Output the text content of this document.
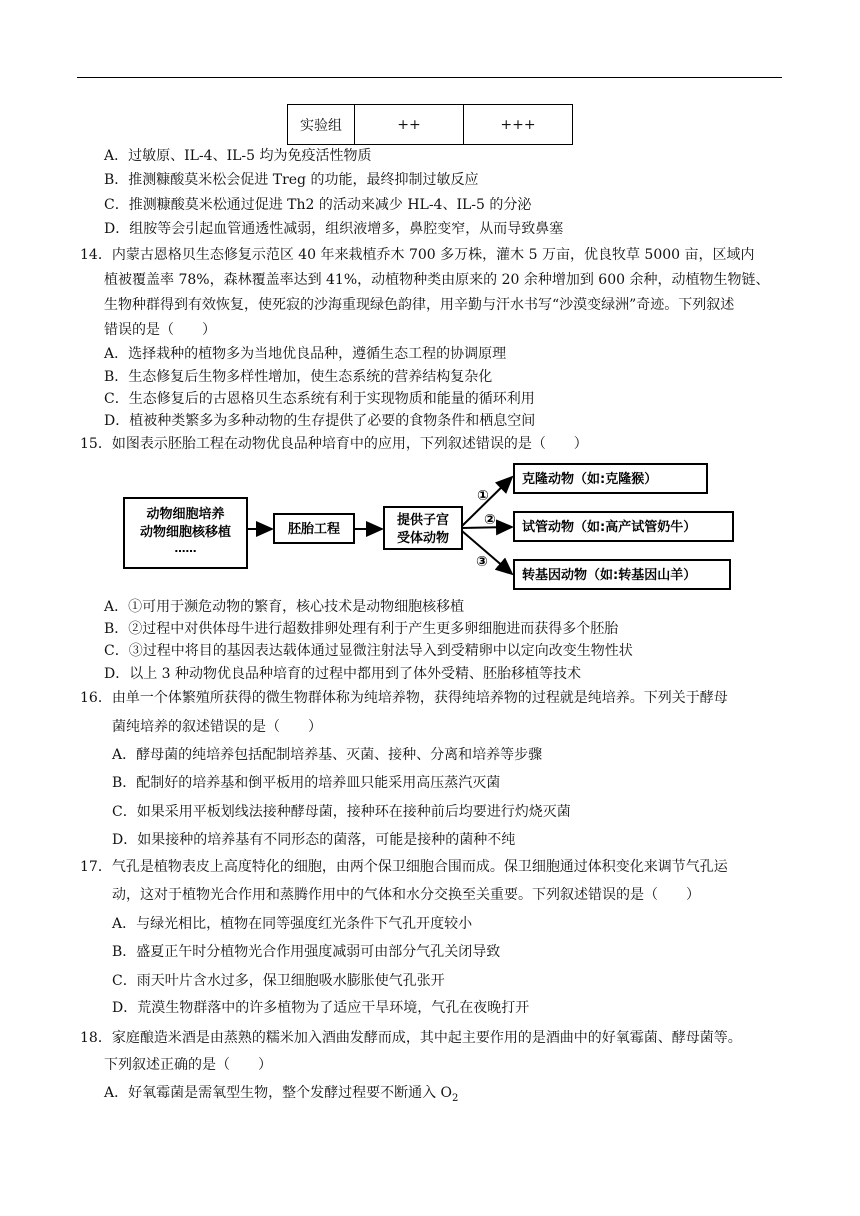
实验组	++	+++
A．过敏原、IL-4、IL-5 均为免疫活性物质
B．推测糠酸莫米松会促进 Treg 的功能，最终抑制过敏反应
C．推测糠酸莫米松通过促进 Th2 的活动来减少 HL-4、IL-5 的分泌
D．组胺等会引起血管通透性减弱，组织液增多，鼻腔变窄，从而导致鼻塞
14．内蒙古恩格贝生态修复示范区 40 年来栽植乔木 700 多万株，灌木 5 万亩，优良牧草 5000 亩，区域内
植被覆盖率 78%，森林覆盖率达到 41%，动植物种类由原来的 20 余种增加到 600 余种，动植物生物链、
生物种群得到有效恢复，使死寂的沙海重现绿色韵律，用辛勤与汗水书写“沙漠变绿洲”奇迹。下列叙述
错误的是（　　）
A．选择栽种的植物多为当地优良品种，遵循生态工程的协调原理
B．生态修复后生物多样性增加，使生态系统的营养结构复杂化
C．生态修复后的古恩格贝生态系统有利于实现物质和能量的循环利用
D．植被种类繁多为多种动物的生存提供了必要的食物条件和栖息空间
15．如图表示胚胎工程在动物优良品种培育中的应用，下列叙述错误的是（　　）
动物细胞培养
动物细胞核移植
……
胚胎工程
提供子宫
受体动物
①
②
③
克隆动物（如:克隆猴）
试管动物（如:高产试管奶牛）
转基因动物（如:转基因山羊）
A．①可用于濒危动物的繁育，核心技术是动物细胞核移植
B．②过程中对供体母牛进行超数排卵处理有利于产生更多卵细胞进而获得多个胚胎
C．③过程中将目的基因表达载体通过显微注射法导入到受精卵中以定向改变生物性状
D．以上 3 种动物优良品种培育的过程中都用到了体外受精、胚胎移植等技术
16．由单一个体繁殖所获得的微生物群体称为纯培养物，获得纯培养物的过程就是纯培养。下列关于酵母
菌纯培养的叙述错误的是（　　）
A．酵母菌的纯培养包括配制培养基、灭菌、接种、分离和培养等步骤
B．配制好的培养基和倒平板用的培养皿只能采用高压蒸汽灭菌
C．如果采用平板划线法接种酵母菌，接种环在接种前后均要进行灼烧灭菌
D．如果接种的培养基有不同形态的菌落，可能是接种的菌种不纯
17．气孔是植物表皮上高度特化的细胞，由两个保卫细胞合围而成。保卫细胞通过体积变化来调节气孔运
动，这对于植物光合作用和蒸腾作用中的气体和水分交换至关重要。下列叙述错误的是（　　）
A．与绿光相比，植物在同等强度红光条件下气孔开度较小
B．盛夏正午时分植物光合作用强度减弱可由部分气孔关闭导致
C．雨天叶片含水过多，保卫细胞吸水膨胀使气孔张开
D．荒漠生物群落中的许多植物为了适应干旱环境，气孔在夜晚打开
18．家庭酿造米酒是由蒸熟的糯米加入酒曲发酵而成，其中起主要作用的是酒曲中的好氧霉菌、酵母菌等。
下列叙述正确的是（　　）
A．好氧霉菌是需氧型生物，整个发酵过程要不断通入 $O_2$
